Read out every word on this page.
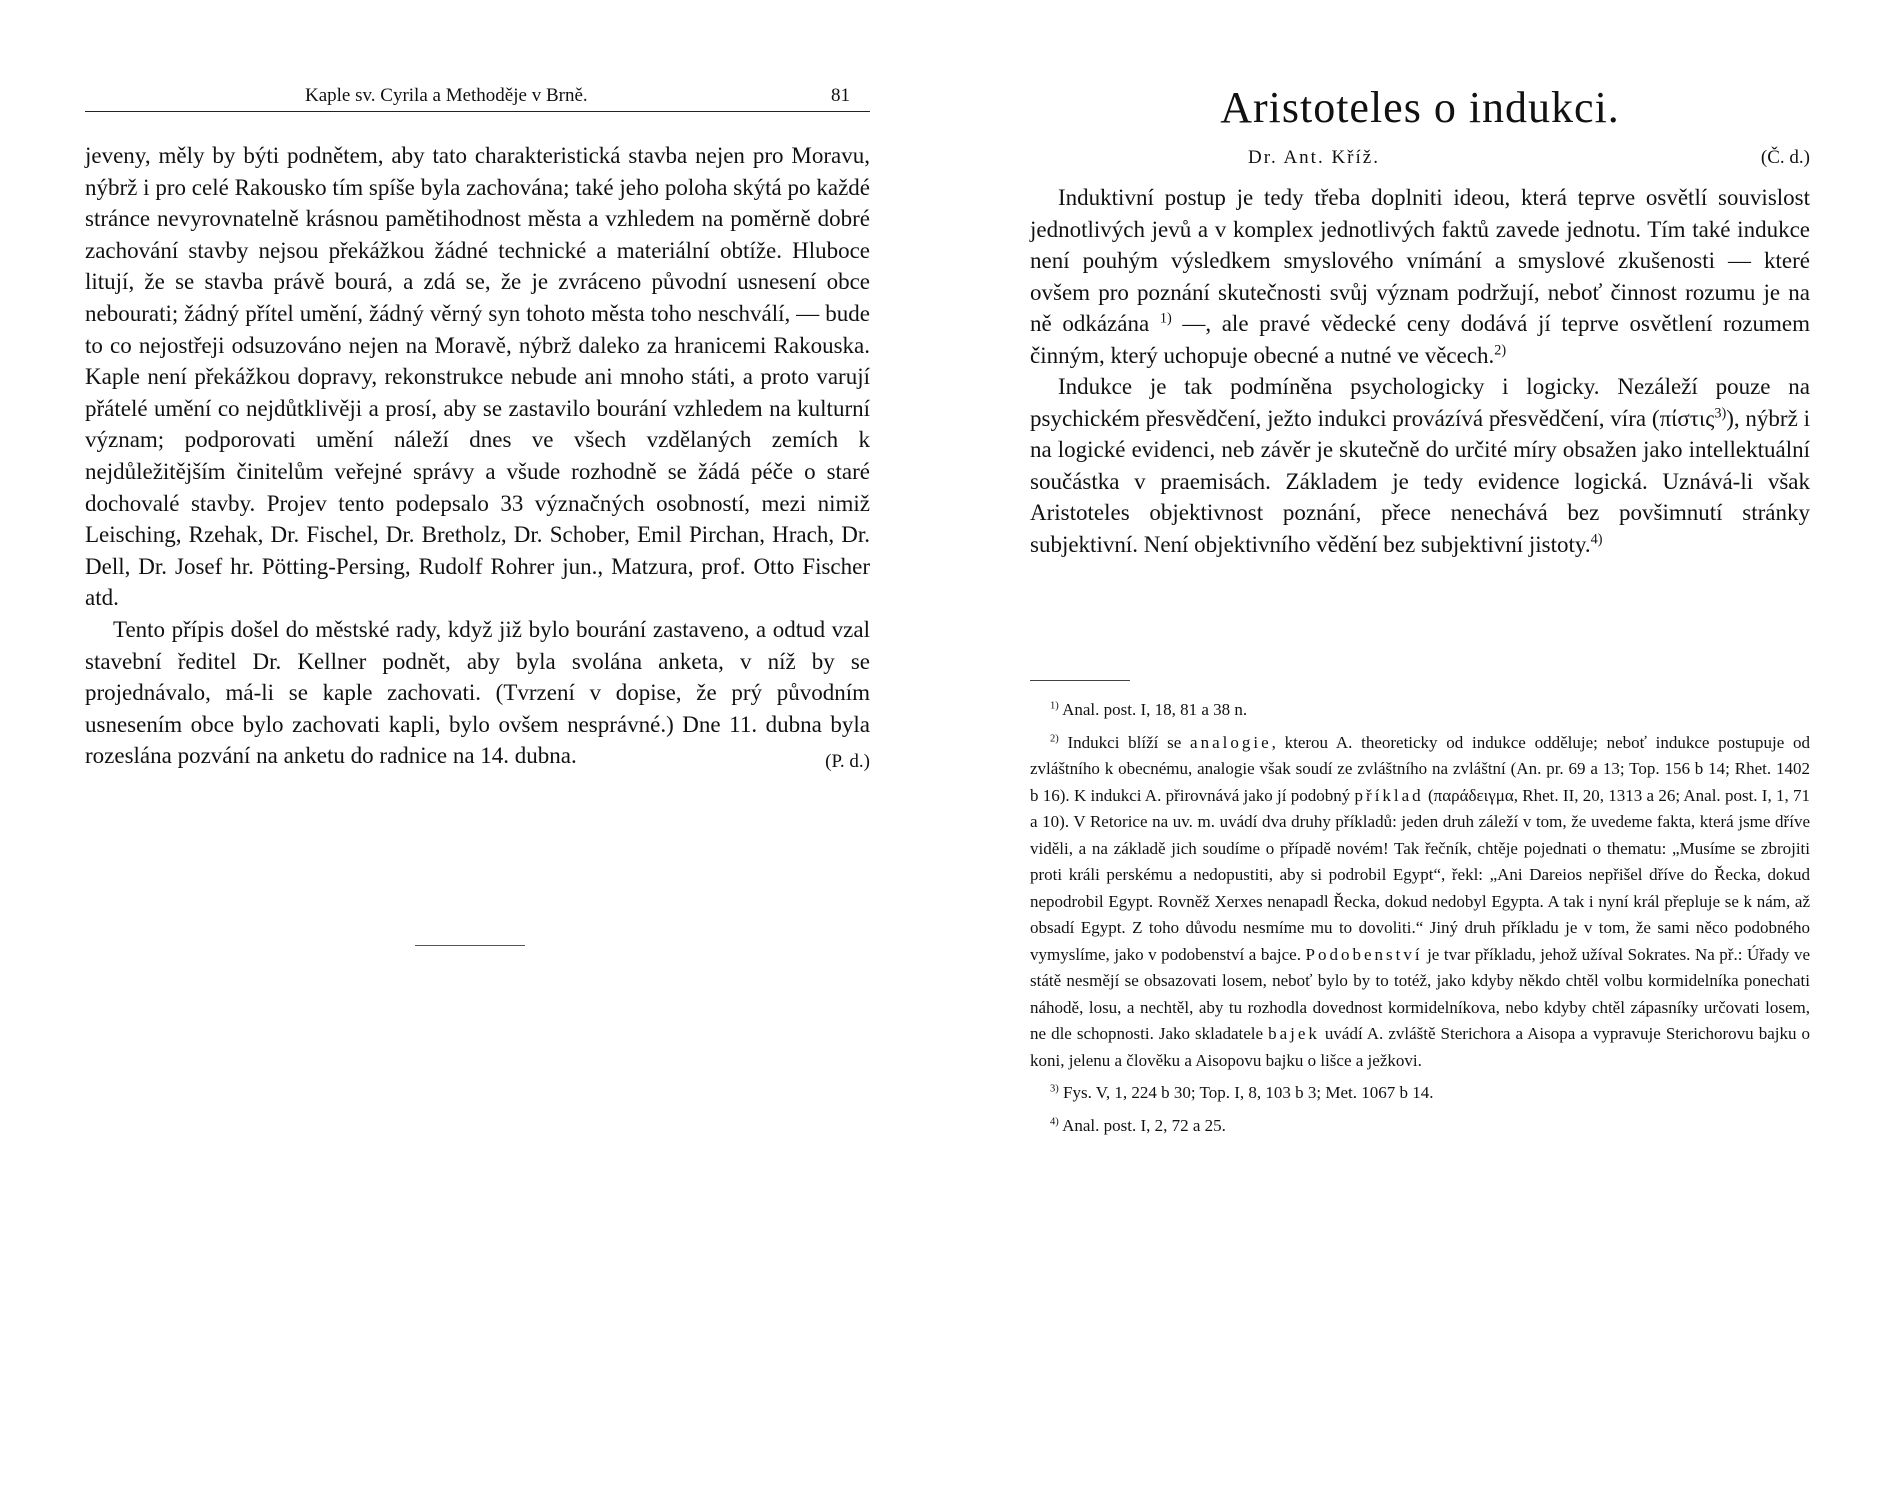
Kaple sv. Cyrila a Methoděje v Brně.	81

jeveny, měly by býti podnětem, aby tato charakteristická stavba nejen pro Moravu, nýbrž i pro celé Rakousko tím spíše byla zachována; také jeho poloha skýtá po každé stránce nevyrovnatelně krásnou pamětihodnost města a vzhledem na poměrně dobré zachování stavby nejsou překážkou žádné technické a materiální obtíže. Hluboce litují, že se stavba právě bourá, a zdá se, že je zvráceno původní usnesení obce nebourati; žádný přítel umění, žádný věrný syn tohoto města toho neschválí, — bude to co nejostřeji odsuzováno nejen na Moravě, nýbrž daleko za hranicemi Rakouska. Kaple není překážkou dopravy, rekonstrukce nebude ani mnoho státi, a proto varují přátelé umění co nejdůtklivěji a prosí, aby se zastavilo bourání vzhledem na kulturní význam; podporovati umění náleží dnes ve všech vzdělaných zemích k nejdůležitějším činitelům veřejné správy a všude rozhodně se žádá péče o staré dochovalé stavby. Projev tento podepsalo 33 význačných osobností, mezi nimiž Leisching, Rzehak, Dr. Fischel, Dr. Bretholz, Dr. Schober, Emil Pirchan, Hrach, Dr. Dell, Dr. Josef hr. Pötting-Persing, Rudolf Rohrer jun., Matzura, prof. Otto Fischer atd.

Tento přípis došel do městské rady, když již bylo bourání zastaveno, a odtud vzal stavební ředitel Dr. Kellner podnět, aby byla svolána anketa, v níž by se projednávalo, má-li se kaple zachovati. (Tvrzení v dopise, že prý původním usnesením obce bylo zachovati kapli, bylo ovšem nesprávné.) Dne 11. dubna byla rozeslána pozvání na anketu do radnice na 14. dubna.	(P. d.)

Aristoteles o indukci.
Dr. Ant. Kříž.	(Č. d.)

Induktivní postup je tedy třeba doplniti ideou, která teprve osvětlí souvislost jednotlivých jevů a v komplex jednotlivých faktů zavede jednotu. Tím také indukce není pouhým výsledkem smyslového vnímání a smyslové zkušenosti — které ovšem pro poznání skutečnosti svůj význam podržují, neboť činnost rozumu je na ně odkázána $^{1)}$ —, ale pravé vědecké ceny dodává jí teprve osvětlení rozumem činným, který uchopuje obecné a nutné ve věcech.$^{2)}$

Indukce je tak podmíněna psychologicky i logicky. Nezáleží pouze na psychickém přesvědčení, ježto indukci provázívá přesvědčení, víra (πίστις$^{3)}$), nýbrž i na logické evidenci, neb závěr je skutečně do určité míry obsažen jako intellektuální součástka v praemisách. Základem je tedy evidence logická. Uznává-li však Aristoteles objektivnost poznání, přece nenechává bez povšimnutí stránky subjektivní. Není objektivního vědění bez subjektivní jistoty.$^{4)}$

$^{1)}$ Anal. post. I, 18, 81 a 38 n.

$^{2)}$ Indukci blíží se analogie, kterou A. theoreticky od indukce odděluje; neboť indukce postupuje od zvláštního k obecnému, analogie však soudí ze zvláštního na zvláštní (An. pr. 69 a 13; Top. 156 b 14; Rhet. 1402 b 16). K indukci A. přirovnává jako jí podobný příklad (παράδειγμα, Rhet. II, 20, 1313 a 26; Anal. post. I, 1, 71 a 10). V Retorice na uv. m. uvádí dva druhy příkladů: jeden druh záleží v tom, že uvedeme fakta, která jsme dříve viděli, a na základě jich soudíme o případě novém! Tak řečník, chtěje pojednati o thematu: „Musíme se zbrojiti proti králi perskému a nedopustiti, aby si podrobil Egypt“, řekl: „Ani Dareios nepřišel dříve do Řecka, dokud nepodrobil Egypt. Rovněž Xerxes nenapadl Řecka, dokud nedobyl Egypta. A tak i nyní král přepluje se k nám, až obsadí Egypt. Z toho důvodu nesmíme mu to dovoliti.“ Jiný druh příkladu je v tom, že sami něco podobného vymyslíme, jako v podobenství a bajce. Podobenství je tvar příkladu, jehož užíval Sokrates. Na př.: Úřady ve státě nesmějí se obsazovati losem, neboť bylo by to totéž, jako kdyby někdo chtěl volbu kormidelníka ponechati náhodě, losu, a nechtěl, aby tu rozhodla dovednost kormidelníkova, nebo kdyby chtěl zápasníky určovati losem, ne dle schopnosti. Jako skladatele bajek uvádí A. zvláště Sterichora a Aisopa a vypravuje Sterichorovu bajku o koni, jelenu a člověku a Aisopovu bajku o lišce a ježkovi.

$^{3)}$ Fys. V, 1, 224 b 30; Top. I, 8, 103 b 3; Met. 1067 b 14.

$^{4)}$ Anal. post. I, 2, 72 a 25.
